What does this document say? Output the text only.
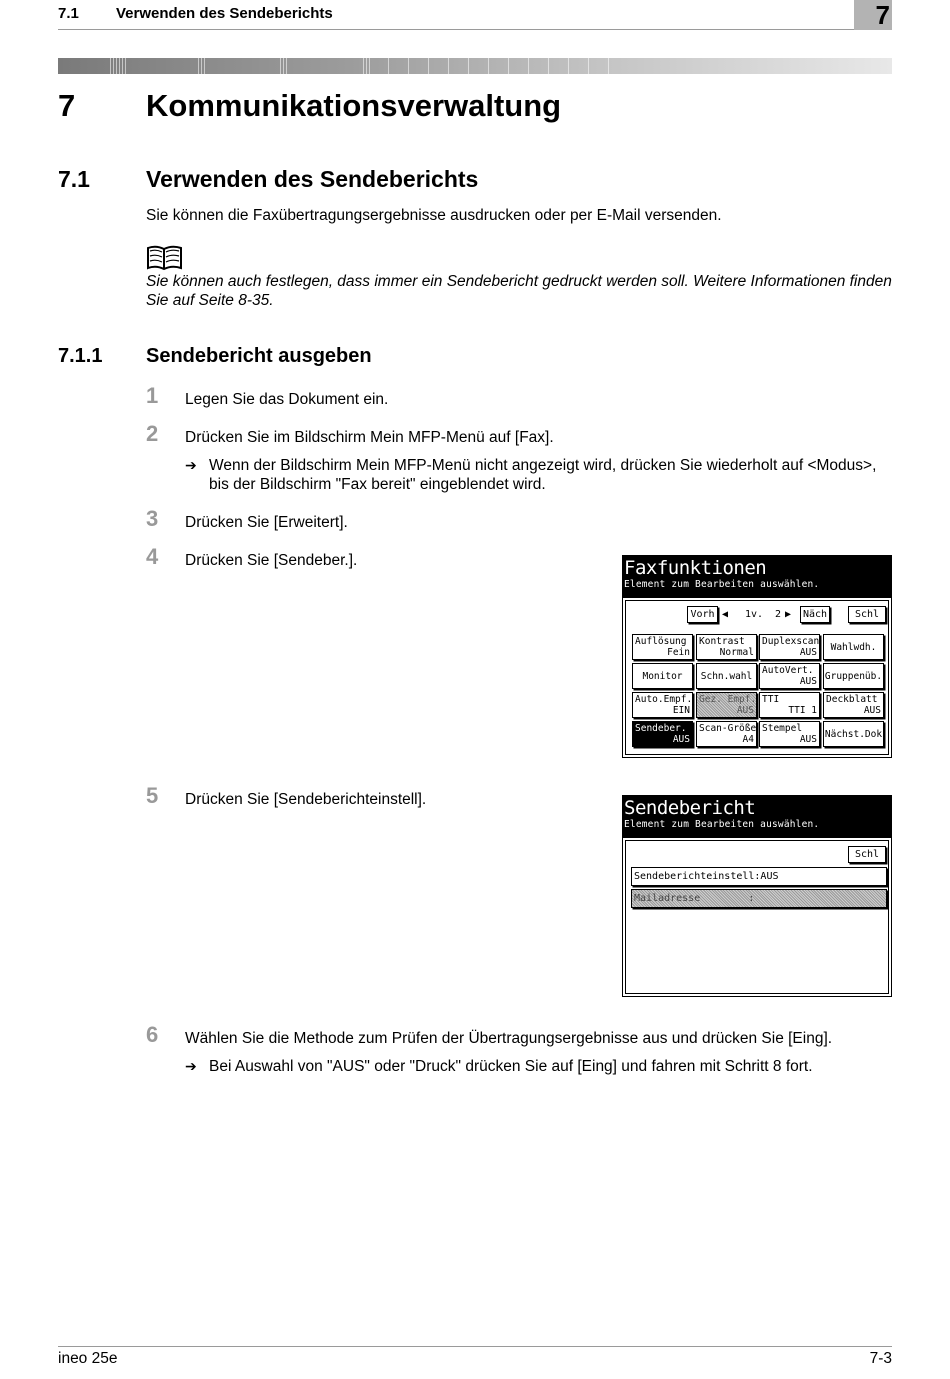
7.1 Verwenden des Sendeberichts	7
7 Kommunikationsverwaltung
7.1 Verwenden des Sendeberichts
Sie können die Faxübertragungsergebnisse ausdrucken oder per E-Mail versenden.
Sie können auch festlegen, dass immer ein Sendebericht gedruckt werden soll. Weitere Informationen finden
Sie auf Seite 8-35.
7.1.1 Sendebericht ausgeben
1 Legen Sie das Dokument ein.
2 Drücken Sie im Bildschirm Mein MFP-Menü auf [Fax].
➔ Wenn der Bildschirm Mein MFP-Menü nicht angezeigt wird, drücken Sie wiederholt auf <Modus>,
bis der Bildschirm "Fax bereit" eingeblendet wird.
3 Drücken Sie [Erweitert].
4 Drücken Sie [Sendeber.].	Faxfunktionen
Element zum Bearbeiten auswählen.
Vorh ◀ 1v. 2 ▶ Näch	Schl
Auflösung
Fein
Kontrast
Normal
Duplexscan
AUS	Wahlwdh.
Monitor	Schn.wahl
AutoVert.
AUS Gruppenüb.
Auto.Empf.
EIN
Gez. Empf.
AUS
TTI
TTI 1
Deckblatt
AUS
Sendeber.
AUS
Scan-Größe
A4
Stempel
AUS Nächst.Dok
5 Drücken Sie [Sendeberichteinstell].	Sendebericht
Element zum Bearbeiten auswählen.
Schl
Sendeberichteinstell:AUS
Mailadresse        :
6 Wählen Sie die Methode zum Prüfen der Übertragungsergebnisse aus und drücken Sie [Eing].
➔ Bei Auswahl von "AUS" oder "Druck" drücken Sie auf [Eing] und fahren mit Schritt 8 fort.
ineo 25e	7-3
